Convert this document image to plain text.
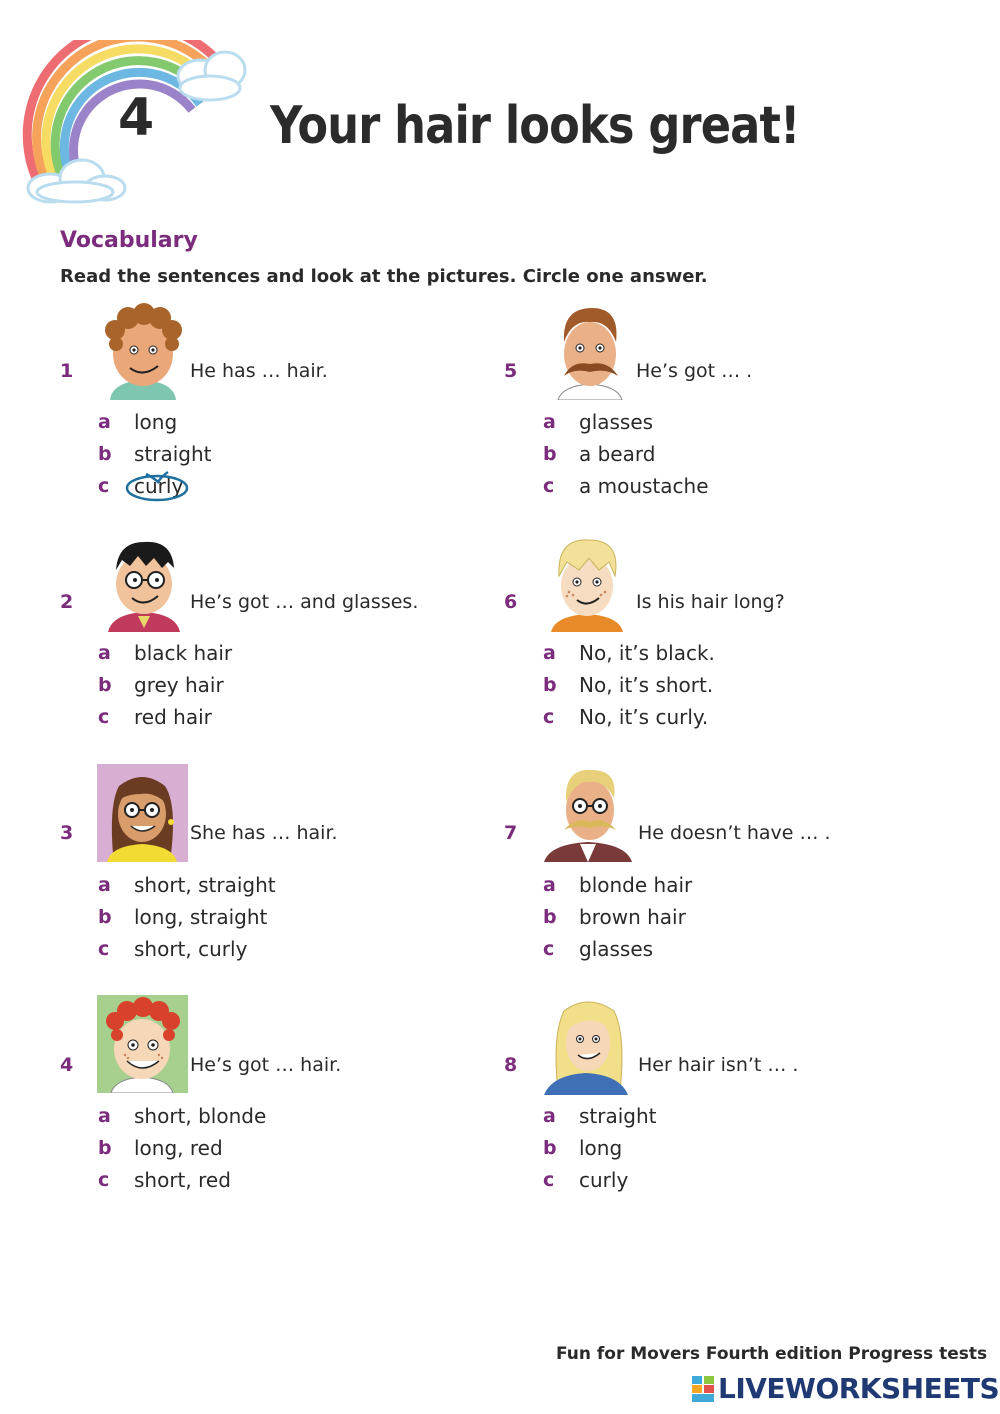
4 Your hair looks great!
Vocabulary
Read the sentences and look at the pictures. Circle one answer.
1	He has … hair.
a long
b straight
c curly
2	He’s got … and glasses.
a black hair
b grey hair
c red hair
3	She has … hair.
a short, straight
b long, straight
c short, curly
4	He’s got … hair.
a short, blonde
b long, red
c short, red
5	He’s got … .
a glasses
b a beard
c a moustache
6	Is his hair long?
a No, it’s black.
b No, it’s short.
c No, it’s curly.
7	He doesn’t have … .
a blonde hair
b brown hair
c glasses
8	Her hair isn’t … .
a straight
b long
c curly
Fun for Movers Fourth edition Progress tests
LIVEWORKSHEETS
